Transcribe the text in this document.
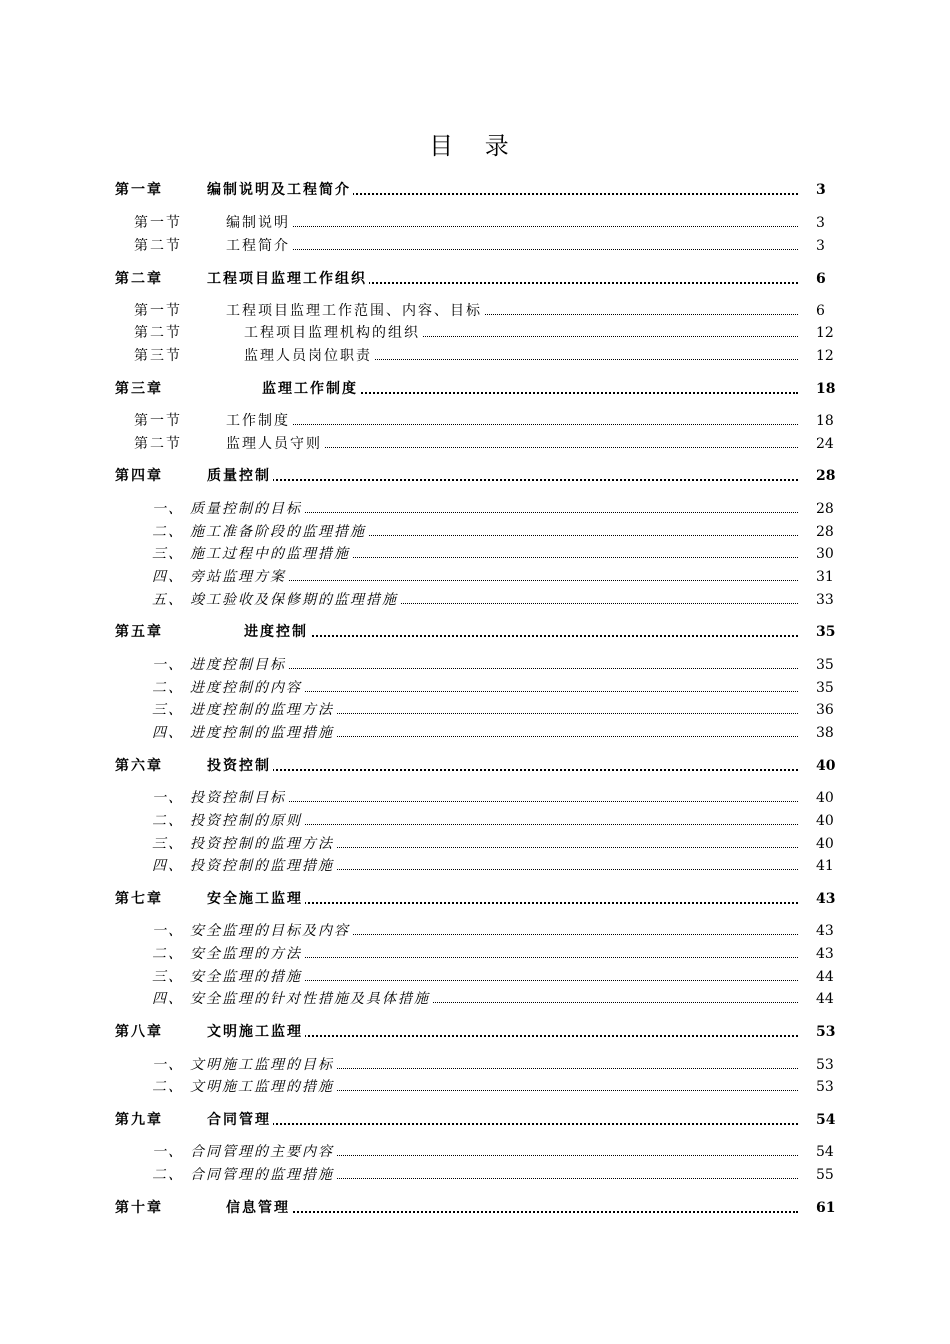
目 录
第一章	编制说明及工程简介	3
第一节	编制说明	3
第二节	工程简介	3
第二章	工程项目监理工作组织	6
第一节	工程项目监理工作范围、内容、目标	6
第二节	工程项目监理机构的组织	12
第三节	监理人员岗位职责	12
第三章	监理工作制度	18
第一节	工作制度	18
第二节	监理人员守则	24
第四章	质量控制	28
一、 质量控制的目标	28
二、 施工准备阶段的监理措施	28
三、 施工过程中的监理措施	30
四、 旁站监理方案	31
五、 竣工验收及保修期的监理措施	33
第五章	进度控制	35
一、 进度控制目标	35
二、 进度控制的内容	35
三、 进度控制的监理方法	36
四、 进度控制的监理措施	38
第六章	投资控制	40
一、 投资控制目标	40
二、 投资控制的原则	40
三、 投资控制的监理方法	40
四、 投资控制的监理措施	41
第七章	安全施工监理	43
一、 安全监理的目标及内容	43
二、 安全监理的方法	43
三、 安全监理的措施	44
四、 安全监理的针对性措施及具体措施	44
第八章	文明施工监理	53
一、 文明施工监理的目标	53
二、 文明施工监理的措施	53
第九章	合同管理	54
一、 合同管理的主要内容	54
二、 合同管理的监理措施	55
第十章	信息管理	61
